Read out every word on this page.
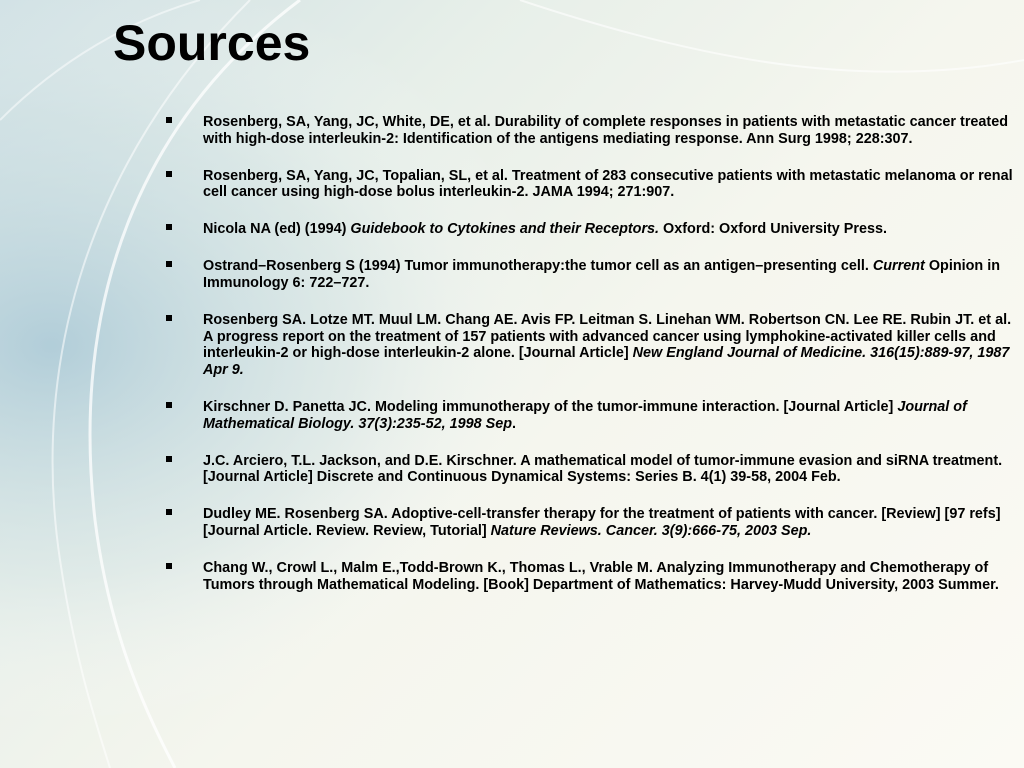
Sources
Rosenberg, SA, Yang, JC, White, DE, et al. Durability of complete responses in patients with metastatic cancer treated with high-dose interleukin-2: Identification of the antigens mediating response. Ann Surg 1998; 228:307.
Rosenberg, SA, Yang, JC, Topalian, SL, et al. Treatment of 283 consecutive patients with metastatic melanoma or renal cell cancer using high-dose bolus interleukin-2. JAMA 1994; 271:907.
Nicola NA (ed) (1994) Guidebook to Cytokines and their Receptors. Oxford: Oxford University Press.
Ostrand–Rosenberg S (1994) Tumor immunotherapy:the tumor cell as an antigen–presenting cell. Current Opinion in Immunology 6: 722–727.
Rosenberg SA. Lotze MT. Muul LM. Chang AE. Avis FP. Leitman S. Linehan WM. Robertson CN. Lee RE. Rubin JT. et al. A progress report on the treatment of 157 patients with advanced cancer using lymphokine-activated killer cells and interleukin-2 or high-dose interleukin-2 alone. [Journal Article] New England Journal of Medicine. 316(15):889-97, 1987 Apr 9.
Kirschner D. Panetta JC. Modeling immunotherapy of the tumor-immune interaction. [Journal Article] Journal of Mathematical Biology. 37(3):235-52, 1998 Sep.
J.C. Arciero, T.L. Jackson, and D.E. Kirschner. A mathematical model of tumor-immune evasion and siRNA treatment. [Journal Article] Discrete and Continuous Dynamical Systems: Series B. 4(1) 39-58, 2004 Feb.
Dudley ME. Rosenberg SA. Adoptive-cell-transfer therapy for the treatment of patients with cancer. [Review] [97 refs] [Journal Article. Review. Review, Tutorial] Nature Reviews. Cancer. 3(9):666-75, 2003 Sep.
Chang W., Crowl L., Malm E.,Todd-Brown K., Thomas L., Vrable M. Analyzing Immunotherapy and Chemotherapy of Tumors through Mathematical Modeling. [Book] Department of Mathematics: Harvey-Mudd University, 2003 Summer.
